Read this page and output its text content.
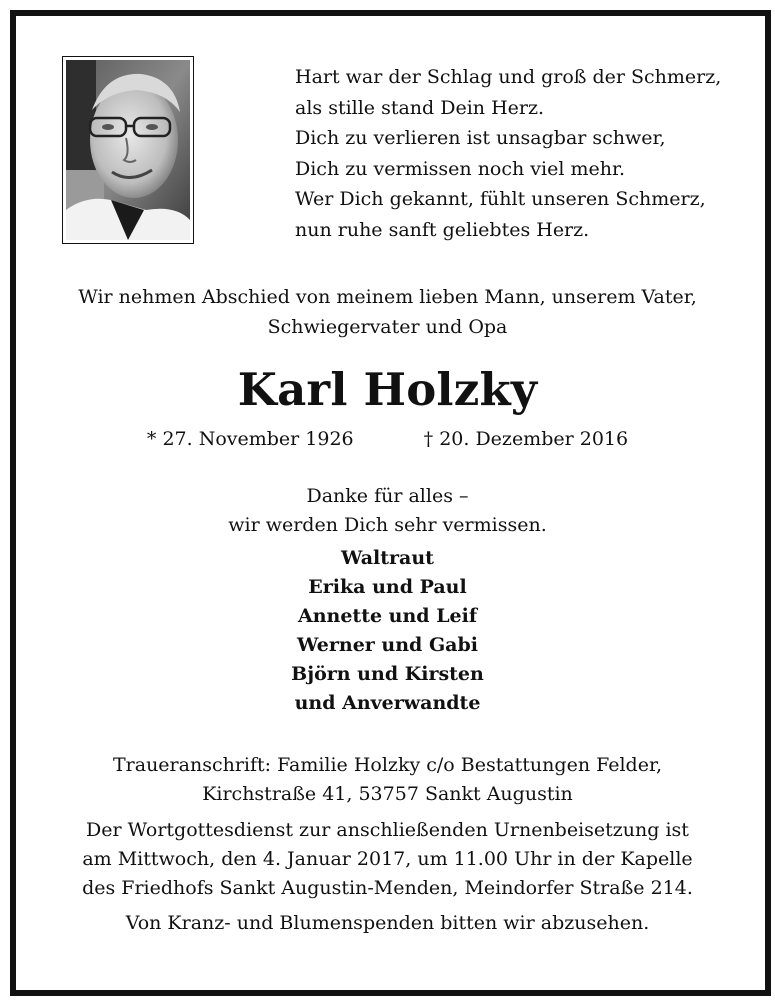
Hart war der Schlag und groß der Schmerz,
als stille stand Dein Herz.
Dich zu verlieren ist unsagbar schwer,
Dich zu vermissen noch viel mehr.
Wer Dich gekannt, fühlt unseren Schmerz,
nun ruhe sanft geliebtes Herz.
Wir nehmen Abschied von meinem lieben Mann, unserem Vater,
Schwiegervater und Opa
Karl Holzky
* 27. November 1926	† 20. Dezember 2016
Danke für alles –
wir werden Dich sehr vermissen.
Waltraut
Erika und Paul
Annette und Leif
Werner und Gabi
Björn und Kirsten
und Anverwandte
Traueranschrift: Familie Holzky c/o Bestattungen Felder,
Kirchstraße 41, 53757 Sankt Augustin
Der Wortgottesdienst zur anschließenden Urnenbeisetzung ist
am Mittwoch, den 4. Januar 2017, um 11.00 Uhr in der Kapelle
des Friedhofs Sankt Augustin-Menden, Meindorfer Straße 214.
Von Kranz- und Blumenspenden bitten wir abzusehen.
